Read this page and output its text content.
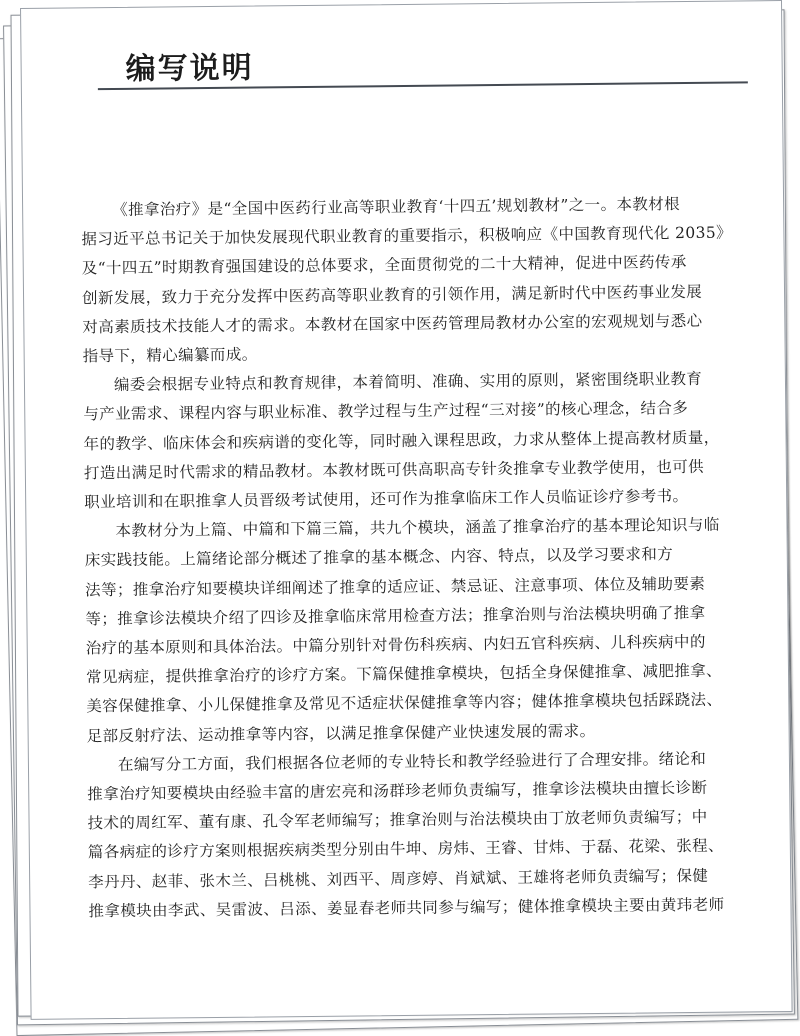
编写说明

《推拿治疗》是“全国中医药行业高等职业教育‘十四五’规划教材”之一。本教材根
据习近平总书记关于加快发展现代职业教育的重要指示，积极响应《中国教育现代化 2035》
及“十四五”时期教育强国建设的总体要求，全面贯彻党的二十大精神，促进中医药传承
创新发展，致力于充分发挥中医药高等职业教育的引领作用，满足新时代中医药事业发展
对高素质技术技能人才的需求。本教材在国家中医药管理局教材办公室的宏观规划与悉心
指导下，精心编纂而成。

编委会根据专业特点和教育规律，本着简明、准确、实用的原则，紧密围绕职业教育
与产业需求、课程内容与职业标准、教学过程与生产过程“三对接”的核心理念，结合多
年的教学、临床体会和疾病谱的变化等，同时融入课程思政，力求从整体上提高教材质量，
打造出满足时代需求的精品教材。本教材既可供高职高专针灸推拿专业教学使用，也可供
职业培训和在职推拿人员晋级考试使用，还可作为推拿临床工作人员临证诊疗参考书。

本教材分为上篇、中篇和下篇三篇，共九个模块，涵盖了推拿治疗的基本理论知识与临
床实践技能。上篇绪论部分概述了推拿的基本概念、内容、特点，以及学习要求和方
法等；推拿治疗知要模块详细阐述了推拿的适应证、禁忌证、注意事项、体位及辅助要素
等；推拿诊法模块介绍了四诊及推拿临床常用检查方法；推拿治则与治法模块明确了推拿
治疗的基本原则和具体治法。中篇分别针对骨伤科疾病、内妇五官科疾病、儿科疾病中的
常见病症，提供推拿治疗的诊疗方案。下篇保健推拿模块，包括全身保健推拿、减肥推拿、
美容保健推拿、小儿保健推拿及常见不适症状保健推拿等内容；健体推拿模块包括踩跷法、
足部反射疗法、运动推拿等内容，以满足推拿保健产业快速发展的需求。

在编写分工方面，我们根据各位老师的专业特长和教学经验进行了合理安排。绪论和
推拿治疗知要模块由经验丰富的唐宏亮和汤群珍老师负责编写，推拿诊法模块由擅长诊断
技术的周红军、董有康、孔令军老师编写；推拿治则与治法模块由丁放老师负责编写；中
篇各病症的诊疗方案则根据疾病类型分别由牛坤、房炜、王睿、甘炜、于磊、花梁、张程、
李丹丹、赵菲、张木兰、吕桃桃、刘西平、周彦婷、肖斌斌、王雄将老师负责编写；保健
推拿模块由李武、吴雷波、吕添、姜显春老师共同参与编写；健体推拿模块主要由黄玮老师
